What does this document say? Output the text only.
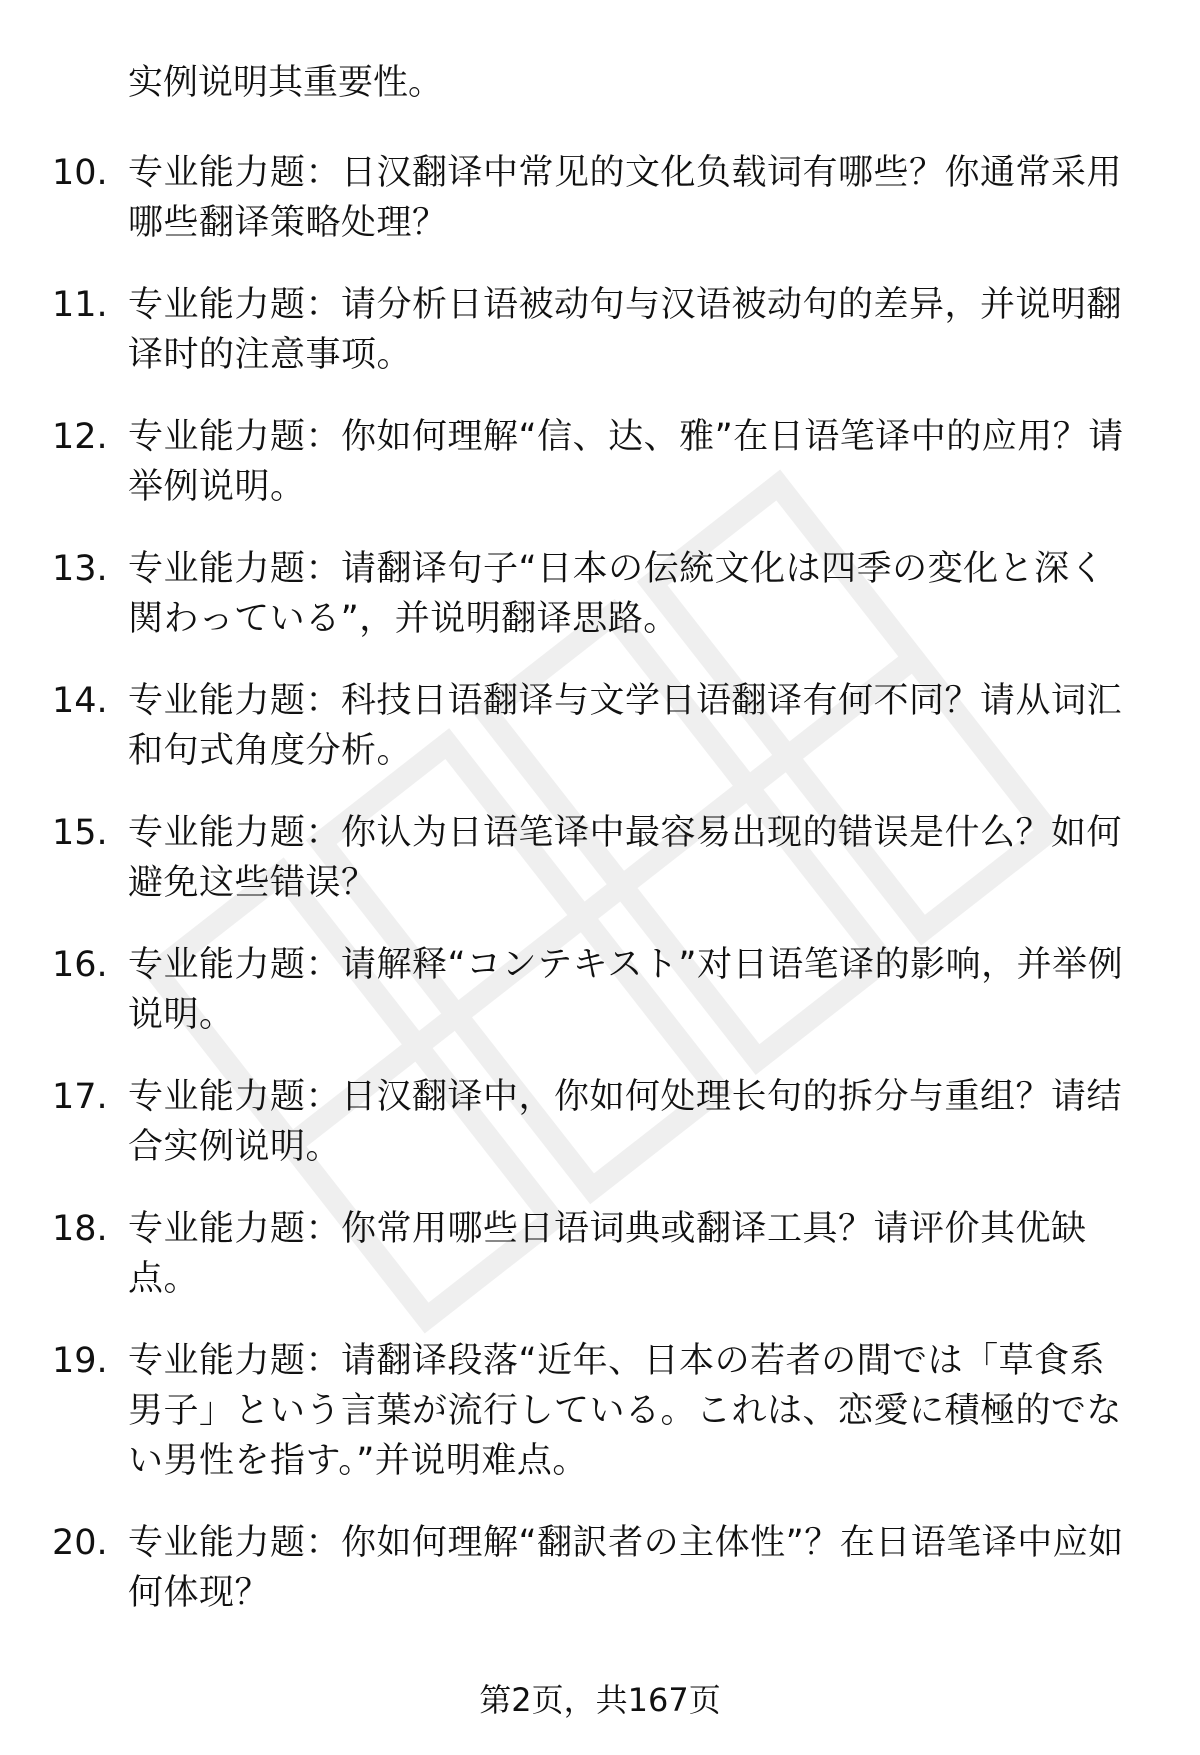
实例说明其重要性。

10. 专业能力题：日汉翻译中常见的文化负载词有哪些？你通常采用哪些翻译策略处理？
11. 专业能力题：请分析日语被动句与汉语被动句的差异，并说明翻译时的注意事项。
12. 专业能力题：你如何理解“信、达、雅”在日语笔译中的应用？请举例说明。
13. 专业能力题：请翻译句子“日本の伝統文化は四季の変化と深く関わっている”，并说明翻译思路。
14. 专业能力题：科技日语翻译与文学日语翻译有何不同？请从词汇和句式角度分析。
15. 专业能力题：你认为日语笔译中最容易出现的错误是什么？如何避免这些错误？
16. 专业能力题：请解释“コンテキスト”对日语笔译的影响，并举例说明。
17. 专业能力题：日汉翻译中，你如何处理长句的拆分与重组？请结合实例说明。
18. 专业能力题：你常用哪些日语词典或翻译工具？请评价其优缺点。
19. 专业能力题：请翻译段落“近年、日本の若者の間では「草食系男子」という言葉が流行している。これは、恋愛に積極的でない男性を指す。”并说明难点。
20. 专业能力题：你如何理解“翻訳者の主体性”？在日语笔译中应如何体现？
第2页，共167页
